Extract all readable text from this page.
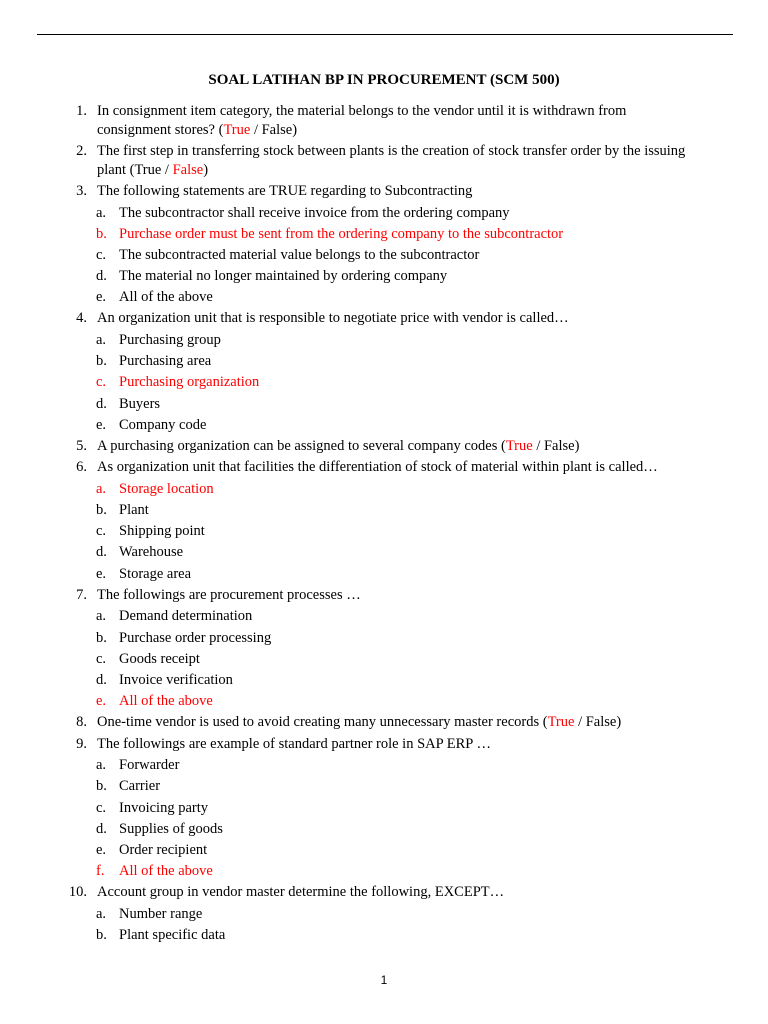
SOAL LATIHAN BP IN PROCUREMENT (SCM 500)
1. In consignment item category, the material belongs to the vendor until it is withdrawn from consignment stores? (True / False)
2. The first step in transferring stock between plants is the creation of stock transfer order by the issuing plant (True / False)
3. The following statements are TRUE regarding to Subcontracting
a. The subcontractor shall receive invoice from the ordering company
b. Purchase order must be sent from the ordering company to the subcontractor
c. The subcontracted material value belongs to the subcontractor
d. The material no longer maintained by ordering company
e. All of the above
4. An organization unit that is responsible to negotiate price with vendor is called…
a. Purchasing group
b. Purchasing area
c. Purchasing organization
d. Buyers
e. Company code
5. A purchasing organization can be assigned to several company codes (True / False)
6. As organization unit that facilities the differentiation of stock of material within plant is called…
a. Storage location
b. Plant
c. Shipping point
d. Warehouse
e. Storage area
7. The followings are procurement processes …
a. Demand determination
b. Purchase order processing
c. Goods receipt
d. Invoice verification
e. All of the above
8. One-time vendor is used to avoid creating many unnecessary master records (True / False)
9. The followings are example of standard partner role in SAP ERP …
a. Forwarder
b. Carrier
c. Invoicing party
d. Supplies of goods
e. Order recipient
f. All of the above
10. Account group in vendor master determine the following, EXCEPT…
a. Number range
b. Plant specific data
1
